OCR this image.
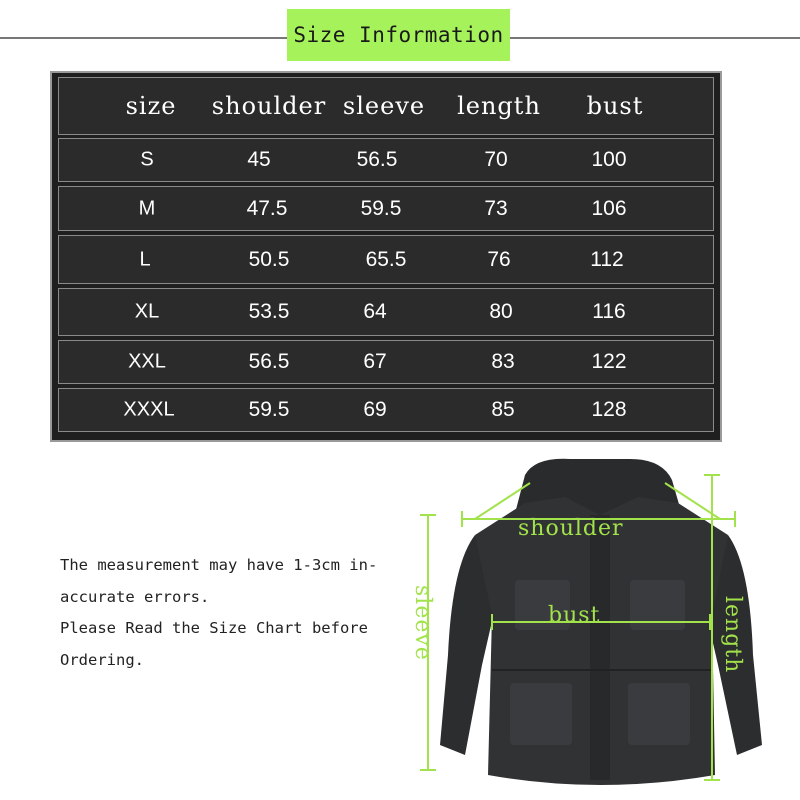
Size Information
size shoulder sleeve length bust
S	45	56.5	70	100
M	47.5	59.5	73	106
L	50.5	65.5	76	112
XL	53.5	64	80	116
XXL	56.5	67	83	122
XXXL	59.5	69	85	128
The measurement may have 1-3cm in-
accurate errors.
Please Read the Size Chart before
Ordering.
shoulder
bust
sleeve	length
